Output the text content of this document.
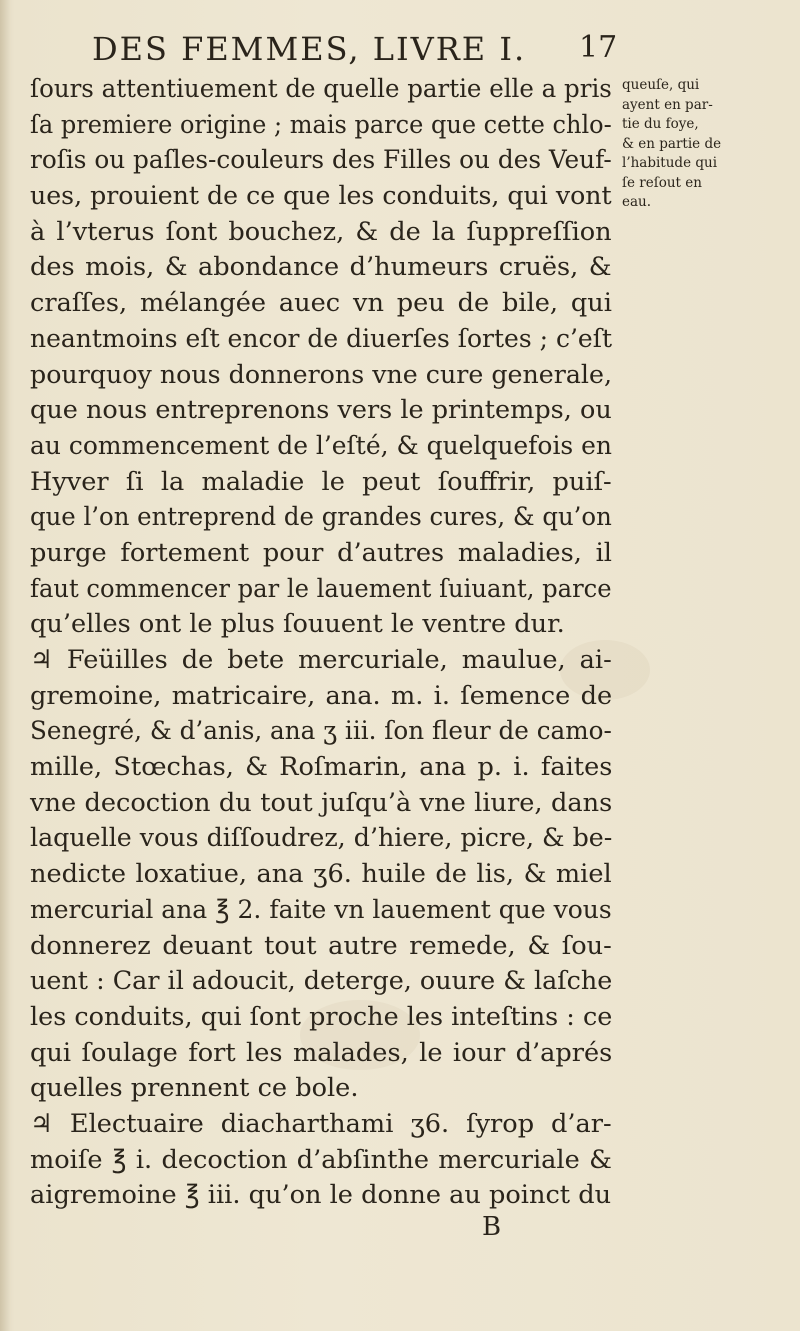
DES FEMMES, LIVRE I. 17
ſours attentiuement de quelle partie elle a pris
ſa premiere origine ; mais parce que cette chlo-
roſis ou paſles-couleurs des Filles ou des Veuf-
ues, prouient de ce que les conduits, qui vont
à l’vterus ſont bouchez, & de la ſuppreſſion
des mois, & abondance d’humeurs cruës, &
craſſes, mélangée auec vn peu de bile, qui
neantmoins eſt encor de diuerſes ſortes ; c’eſt
pourquoy nous donnerons vne cure generale,
que nous entreprenons vers le printemps, ou
au commencement de l’eſté, & quelquefois en
Hyver ſi la maladie le peut ſouffrir, puiſ-
que l’on entreprend de grandes cures, & qu’on
purge fortement pour d’autres maladies, il
faut commencer par le lauement ſuiuant, parce
qu’elles ont le plus ſouuent le ventre dur.
♃ Feüilles de bete mercuriale, maulue, ai-
gremoine, matricaire, ana. m. i. ſemence de
Senegré, & d’anis, ana ʒ iii. ſon fleur de camo-
mille, Stœchas, & Roſmarin, ana p. i. faites
vne decoction du tout juſqu’à vne liure, dans
laquelle vous diſſoudrez, d’hiere, picre, & be-
nedicte loxatiue, ana ʒ6. huile de lis, & miel
mercurial ana ℥ 2. faite vn lauement que vous
donnerez deuant tout autre remede, & ſou-
uent : Car il adoucit, deterge, ouure & laſche
les conduits, qui ſont proche les inteſtins : ce
qui ſoulage fort les malades, le iour d’aprés
quelles prennent ce bole.
♃ Electuaire diacharthami ʒ6. ſyrop d’ar-
moiſe ℥ i. decoction d’abſinthe mercuriale &
aigremoine ℥ iii. qu’on le donne au poinct du
queuſe, qui
ayent en par-
tie du foye,
& en partie de
l’habitude qui
ſe reſout en
eau.
B
